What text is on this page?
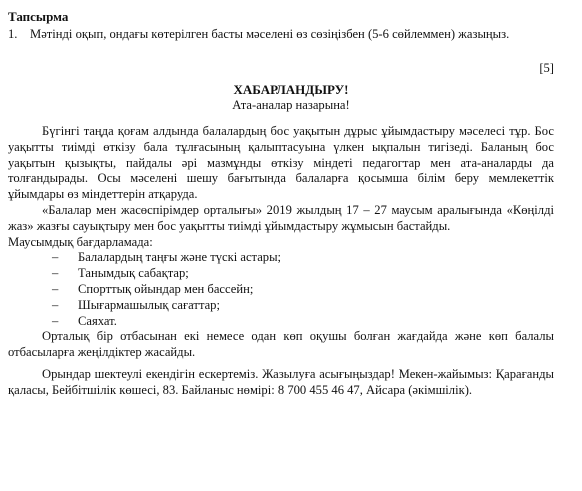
Тапсырма
1. Мәтінді оқып, ондағы көтерілген басты мәселені өз сөзіңізбен (5-6 сөйлеммен) жазыңыз.
[5]
ХАБАРЛАНДЫРУ!
Ата-аналар назарына!

Бүгінгі таңда қоғам алдында балалардың бос уақытын дұрыс ұйымдастыру мәселесі тұр. Бос уақытты тиімді өткізу бала тұлғасының қалыптасуына үлкен ықпалын тигізеді. Баланың бос уақытын қызықты, пайдалы әрі мазмұнды өткізу міндеті педагогтар мен ата-аналарды да толғандырады. Осы мәселені шешу бағытында балаларға қосымша білім беру мемлекеттік ұйымдары өз міндеттерін атқаруда.

«Балалар мен жасөспірімдер орталығы» 2019 жылдың 17 – 27 маусым аралығында «Көңілді жаз» жазғы сауықтыру мен бос уақытты тиімді ұйымдастыру жұмысын бастайды.

Маусымдық бағдарламада:

– Балалардың таңғы және түскі астары;
– Танымдық сабақтар;
– Спорттық ойындар мен бассейн;
– Шығармашылық сағаттар;
– Саяхат.

Орталық бір отбасынан екі немесе одан көп оқушы болған жағдайда және көп балалы отбасыларға жеңілдіктер жасайды.

Орындар шектеулі екендігін ескертеміз. Жазылуға асығыңыздар! Мекен-жайымыз: Қарағанды қаласы, Бейбітшілік көшесі, 83. Байланыс нөмірі: 8 700 455 46 47, Айсара (әкімшілік).
